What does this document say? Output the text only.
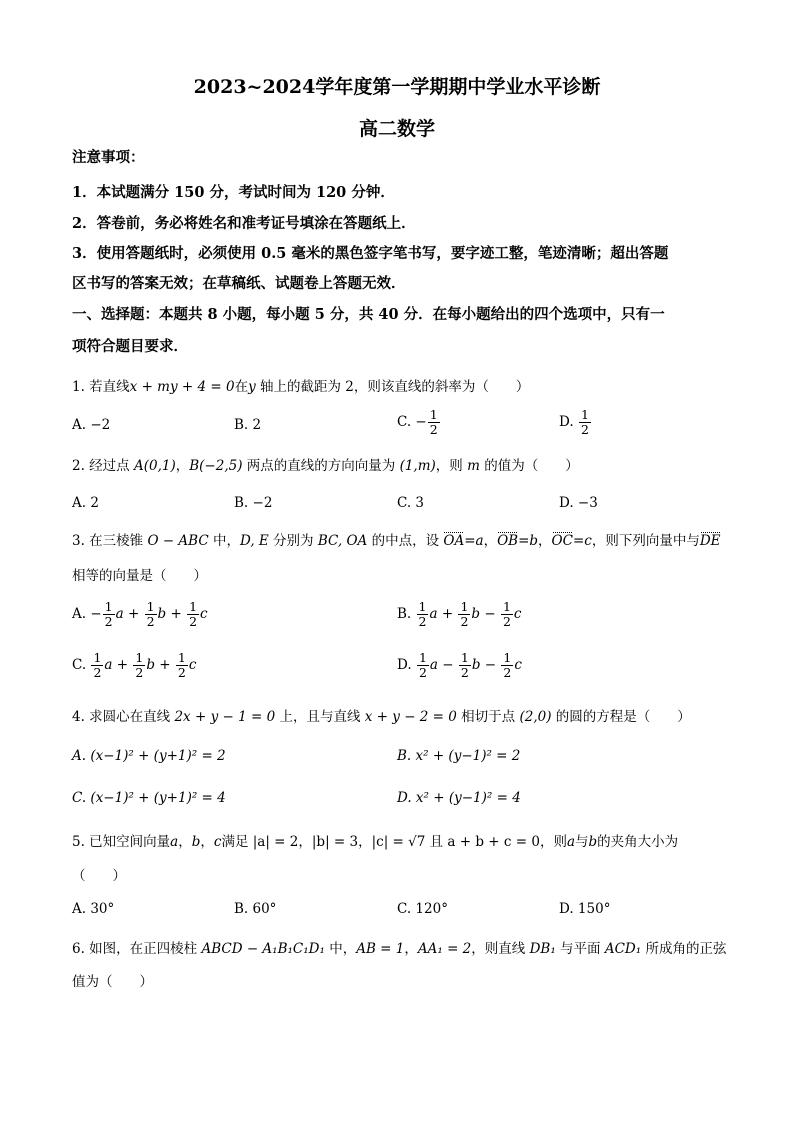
2023~2024学年度第一学期期中学业水平诊断
高二数学
注意事项：
1．本试题满分 150 分，考试时间为 120 分钟．
2．答卷前，务必将姓名和准考证号填涂在答题纸上．
3．使用答题纸时，必须使用 0.5 毫米的黑色签字笔书写，要字迹工整，笔迹清晰；超出答题
区书写的答案无效；在草稿纸、试题卷上答题无效．
一、选择题：本题共 8 小题，每小题 5 分，共 40 分．在每小题给出的四个选项中，只有一
项符合题目要求．
1. 若直线x + my + 4 = 0在y 轴上的截距为 2，则该直线的斜率为（　　）
A. −2	B. 2	C. − $\frac{1}{2}$	D. $\frac{1}{2}$
2. 经过点 A(0,1)，B(−2,5) 两点的直线的方向向量为 (1,m)，则 m 的值为（　　）
A. 2	B. −2	C. 3	D. −3
3. 在三棱锥 O − ABC 中，D, E 分别为 BC, OA 的中点，设 OA=a，OB=b，OC=c，则下列向量中与DE
相等的向量是（　　）
A. − $\frac{1}{2}$ $a + \frac{1}{2}$ $b + \frac{1}{2}$ c	B. $\frac{1}{2}$ $a + \frac{1}{2}$ $b - \frac{1}{2}$ c
C. $\frac{1}{2}$ $a + \frac{1}{2}$ $b + \frac{1}{2}$ c	D. $\frac{1}{2}$ $a - \frac{1}{2}$ $b - \frac{1}{2}$ c
4. 求圆心在直线 2x + y − 1 = 0 上，且与直线 x + y − 2 = 0 相切于点 (2,0) 的圆的方程是（　　）
A. (x−1)² + (y+1)² = 2	B. x² + (y−1)² = 2
C. (x−1)² + (y+1)² = 4	D. x² + (y−1)² = 4
5. 已知空间向量a，b，c满足 |a| = 2，|b| = 3，|c| = √7 且 a + b + c = 0，则a与b的夹角大小为
（　　）
A. 30°	B. 60°	C. 120°	D. 150°
6. 如图，在正四棱柱 ABCD − A₁B₁C₁D₁ 中，AB = 1，AA₁ = 2，则直线 DB₁ 与平面 ACD₁ 所成角的正弦
值为（　　）
